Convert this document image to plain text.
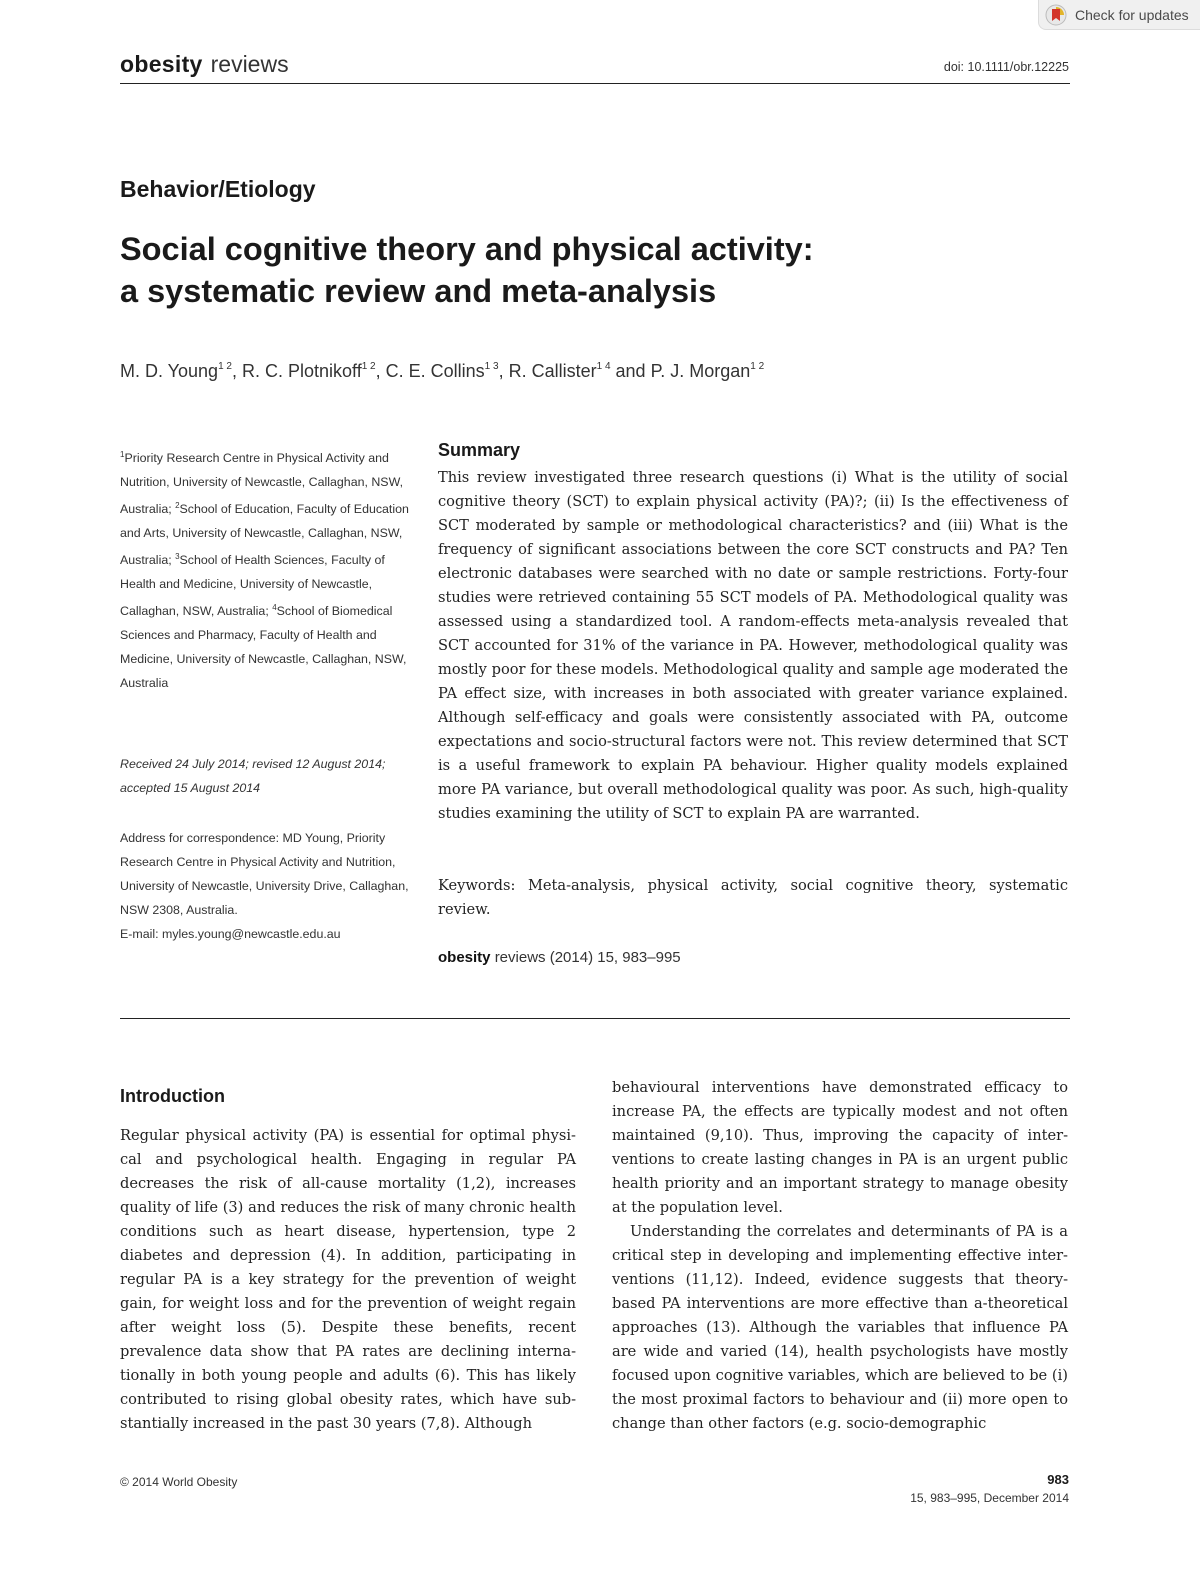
Check for updates
obesity reviews	doi: 10.1111/obr.12225
Behavior/Etiology
Social cognitive theory and physical activity:
a systematic review and meta-analysis
M. D. Young$^{1 2}$, R. C. Plotnikoff$^{1 2}$, C. E. Collins$^{1 3}$, R. Callister$^{1 4}$ and P. J. Morgan$^{1 2}$
$^1$Priority Research Centre in Physical Activity and Nutrition, University of Newcastle, Callaghan, NSW, Australia; $^2$School of Education, Faculty of Education and Arts, University of Newcastle, Callaghan, NSW, Australia; $^3$School of Health Sciences, Faculty of Health and Medicine, University of Newcastle, Callaghan, NSW, Australia; $^4$School of Biomedical Sciences and Pharmacy, Faculty of Health and Medicine, University of Newcastle, Callaghan, NSW, Australia
Received 24 July 2014; revised 12 August 2014; accepted 15 August 2014
Address for correspondence: MD Young, Priority Research Centre in Physical Activity and Nutrition, University of Newcastle, University Drive, Callaghan, NSW 2308, Australia.
E-mail: myles.young@newcastle.edu.au
Summary
This review investigated three research questions (i) What is the utility of social cognitive theory (SCT) to explain physical activity (PA)?; (ii) Is the effectiveness of SCT moderated by sample or methodological characteristics? and (iii) What is the frequency of significant associations between the core SCT constructs and PA? Ten electronic databases were searched with no date or sample restrictions. Forty-four studies were retrieved containing 55 SCT models of PA. Methodological quality was assessed using a standardized tool. A random-effects meta-analysis revealed that SCT accounted for 31% of the variance in PA. However, methodological quality was mostly poor for these models. Methodological quality and sample age moderated the PA effect size, with increases in both associated with greater variance explained. Although self-efficacy and goals were consistently associated with PA, outcome expectations and socio-structural factors were not. This review determined that SCT is a useful framework to explain PA behaviour. Higher quality models explained more PA variance, but overall methodological quality was poor. As such, high-quality studies examining the utility of SCT to explain PA are warranted.
Keywords: Meta-analysis, physical activity, social cognitive theory, systematic review.
obesity reviews (2014) 15, 983–995
Introduction

Regular physical activity (PA) is essential for optimal physi-cal and psychological health. Engaging in regular PA decreases the risk of all-cause mortality (1,2), increases quality of life (3) and reduces the risk of many chronic health conditions such as heart disease, hypertension, type 2 diabetes and depression (4). In addition, participating in regular PA is a key strategy for the prevention of weight gain, for weight loss and for the prevention of weight regain after weight loss (5). Despite these benefits, recent prevalence data show that PA rates are declining interna-tionally in both young people and adults (6). This has likely contributed to rising global obesity rates, which have sub-stantially increased in the past 30 years (7,8). Although

behavioural interventions have demonstrated efficacy to increase PA, the effects are typically modest and not often maintained (9,10). Thus, improving the capacity of inter-ventions to create lasting changes in PA is an urgent public health priority and an important strategy to manage obesity at the population level.

Understanding the correlates and determinants of PA is a critical step in developing and implementing effective inter-ventions (11,12). Indeed, evidence suggests that theory-based PA interventions are more effective than a-theoretical approaches (13). Although the variables that influence PA are wide and varied (14), health psychologists have mostly focused upon cognitive variables, which are believed to be (i) the most proximal factors to behaviour and (ii) more open to change than other factors (e.g. socio-demographic

© 2014 World Obesity	983
15, 983–995, December 2014
